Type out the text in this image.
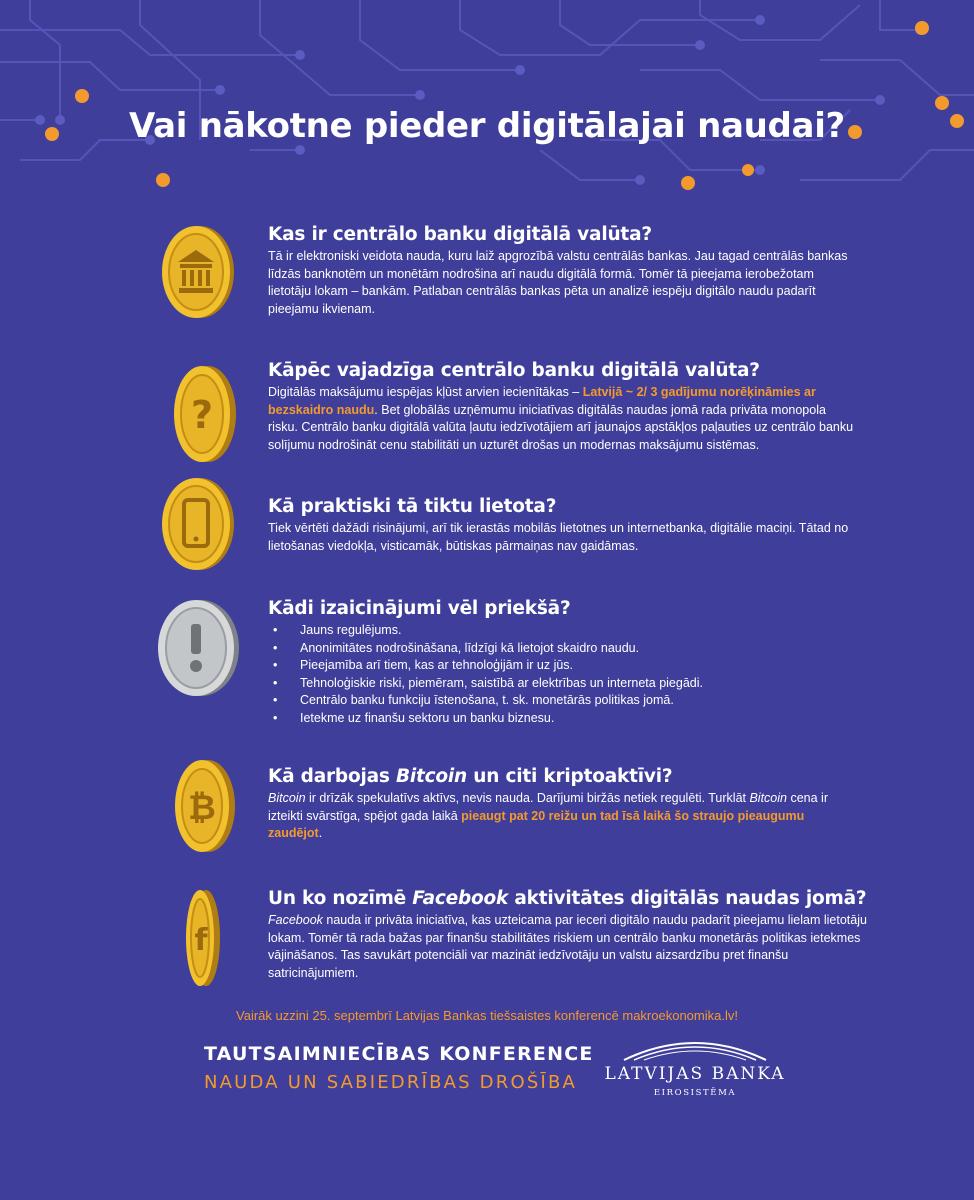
Vai nākotne pieder digitālajai naudai?
?
₿
f
Kas ir centrālo banku digitālā valūta?

Tā ir elektroniski veidota nauda, kuru laiž apgrozībā valstu centrālās bankas. Jau tagad centrālās bankas līdzās banknotēm un monētām nodrošina arī naudu digitālā formā. Tomēr tā pieejama ierobežotam lietotāju lokam – bankām. Patlaban centrālās bankas pēta un analizē iespēju digitālo naudu padarīt pieejamu ikvienam.

Kāpēc vajadzīga centrālo banku digitālā valūta?

Digitālās maksājumu iespējas kļūst arvien iecienītākas – Latvijā ~ 2/ 3 gadījumu norēķināmies ar bezskaidro naudu. Bet globālās uzņēmumu iniciatīvas digitālās naudas jomā rada privāta monopola risku. Centrālo banku digitālā valūta ļautu iedzīvotājiem arī jaunajos apstākļos paļauties uz centrālo banku solījumu nodrošināt cenu stabilitāti un uzturēt drošas un modernas maksājumu sistēmas.

Kā praktiski tā tiktu lietota?

Tiek vērtēti dažādi risinājumi, arī tik ierastās mobilās lietotnes un internetbanka, digitālie maciņi. Tātad no lietošanas viedokļa, visticamāk, būtiskas pārmaiņas nav gaidāmas.

Kādi izaicinājumi vēl priekšā?
• Jauns regulējums.
• Anonimitātes nodrošināšana, līdzīgi kā lietojot skaidro naudu.
• Pieejamība arī tiem, kas ar tehnoloģijām ir uz jūs.
• Tehnoloģiskie riski, piemēram, saistībā ar elektrības un interneta piegādi.
• Centrālo banku funkciju īstenošana, t. sk. monetārās politikas jomā.
• Ietekme uz finanšu sektoru un banku biznesu.
Kā darbojas Bitcoin un citi kriptoaktīvi?

Bitcoin ir drīzāk spekulatīvs aktīvs, nevis nauda. Darījumi biržās netiek regulēti. Turklāt Bitcoin cena ir izteikti svārstīga, spējot gada laikā pieaugt pat 20 reižu un tad īsā laikā šo straujo pieaugumu zaudējot.

Un ko nozīmē Facebook aktivitātes digitālās naudas jomā?

Facebook nauda ir privāta iniciatīva, kas uzteicama par ieceri digitālo naudu padarīt pieejamu lielam lietotāju lokam. Tomēr tā rada bažas par finanšu stabilitātes riskiem un centrālo banku monetārās politikas ietekmes vājināšanos. Tas savukārt potenciāli var mazināt iedzīvotāju un valstu aizsardzību pret finanšu satricinājumiem.

Vairāk uzzini 25. septembrī Latvijas Bankas tiešsaistes konferencē makroekonomika.lv!
TAUTSAIMNIECĪBAS KONFERENCE
NAUDA UN SABIEDRĪBAS DROŠĪBA LATVIJAS BANKA
EIROSISTĒMA
